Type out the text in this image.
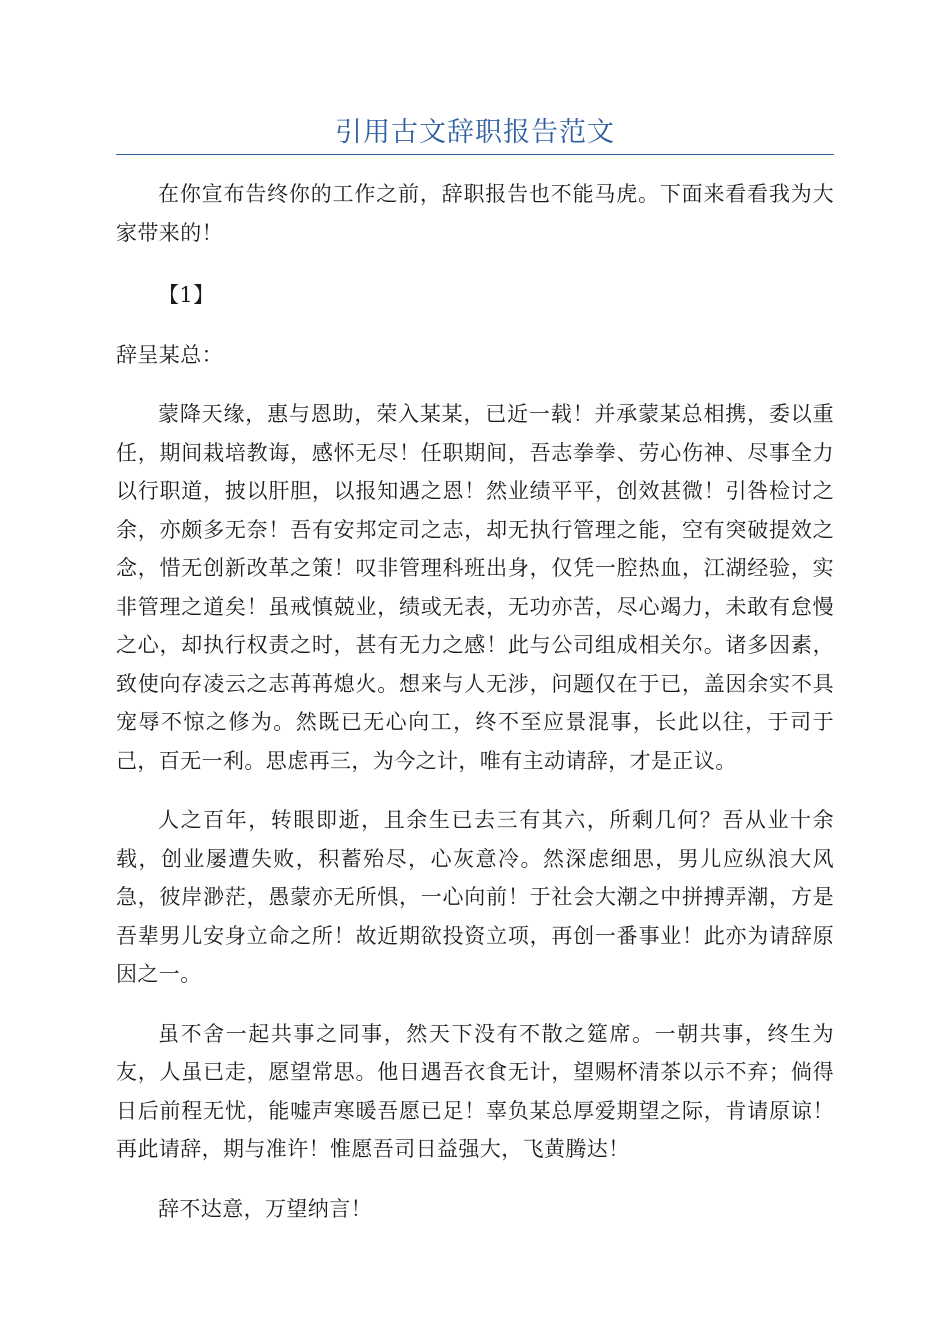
引用古文辞职报告范文

在你宣布告终你的工作之前，辞职报告也不能马虎。下面来看看我为大家带来的！

【1】

辞呈某总：

蒙降天缘，惠与恩助，荣入某某，已近一载！并承蒙某总相携，委以重任，期间栽培教诲，感怀无尽！任职期间，吾志拳拳、劳心伤神、尽事全力以行职道，披以肝胆，以报知遇之恩！然业绩平平，创效甚微！引咎检讨之余，亦颇多无奈！吾有安邦定司之志，却无执行管理之能，空有突破提效之念，惜无创新改革之策！叹非管理科班出身，仅凭一腔热血，江湖经验，实非管理之道矣！虽戒慎兢业，绩或无表，无功亦苦，尽心竭力，未敢有怠慢之心，却执行权责之时，甚有无力之感！此与公司组成相关尔。诸多因素，致使向存凌云之志苒苒熄火。想来与人无涉，问题仅在于已，盖因余实不具宠辱不惊之修为。然既已无心向工，终不至应景混事，长此以往，于司于己，百无一利。思虑再三，为今之计，唯有主动请辞，才是正议。

人之百年，转眼即逝，且余生已去三有其六，所剩几何？吾从业十余载，创业屡遭失败，积蓄殆尽，心灰意冷。然深虑细思，男儿应纵浪大风急，彼岸渺茫，愚蒙亦无所惧，一心向前！于社会大潮之中拼搏弄潮，方是吾辈男儿安身立命之所！故近期欲投资立项，再创一番事业！此亦为请辞原因之一。

虽不舍一起共事之同事，然天下没有不散之筵席。一朝共事，终生为友，人虽已走，愿望常思。他日遇吾衣食无计，望赐杯清茶以示不弃；倘得日后前程无忧，能嘘声寒暖吾愿已足！辜负某总厚爱期望之际，肯请原谅！再此请辞，期与准许！惟愿吾司日益强大，飞黄腾达！

辞不达意，万望纳言！
